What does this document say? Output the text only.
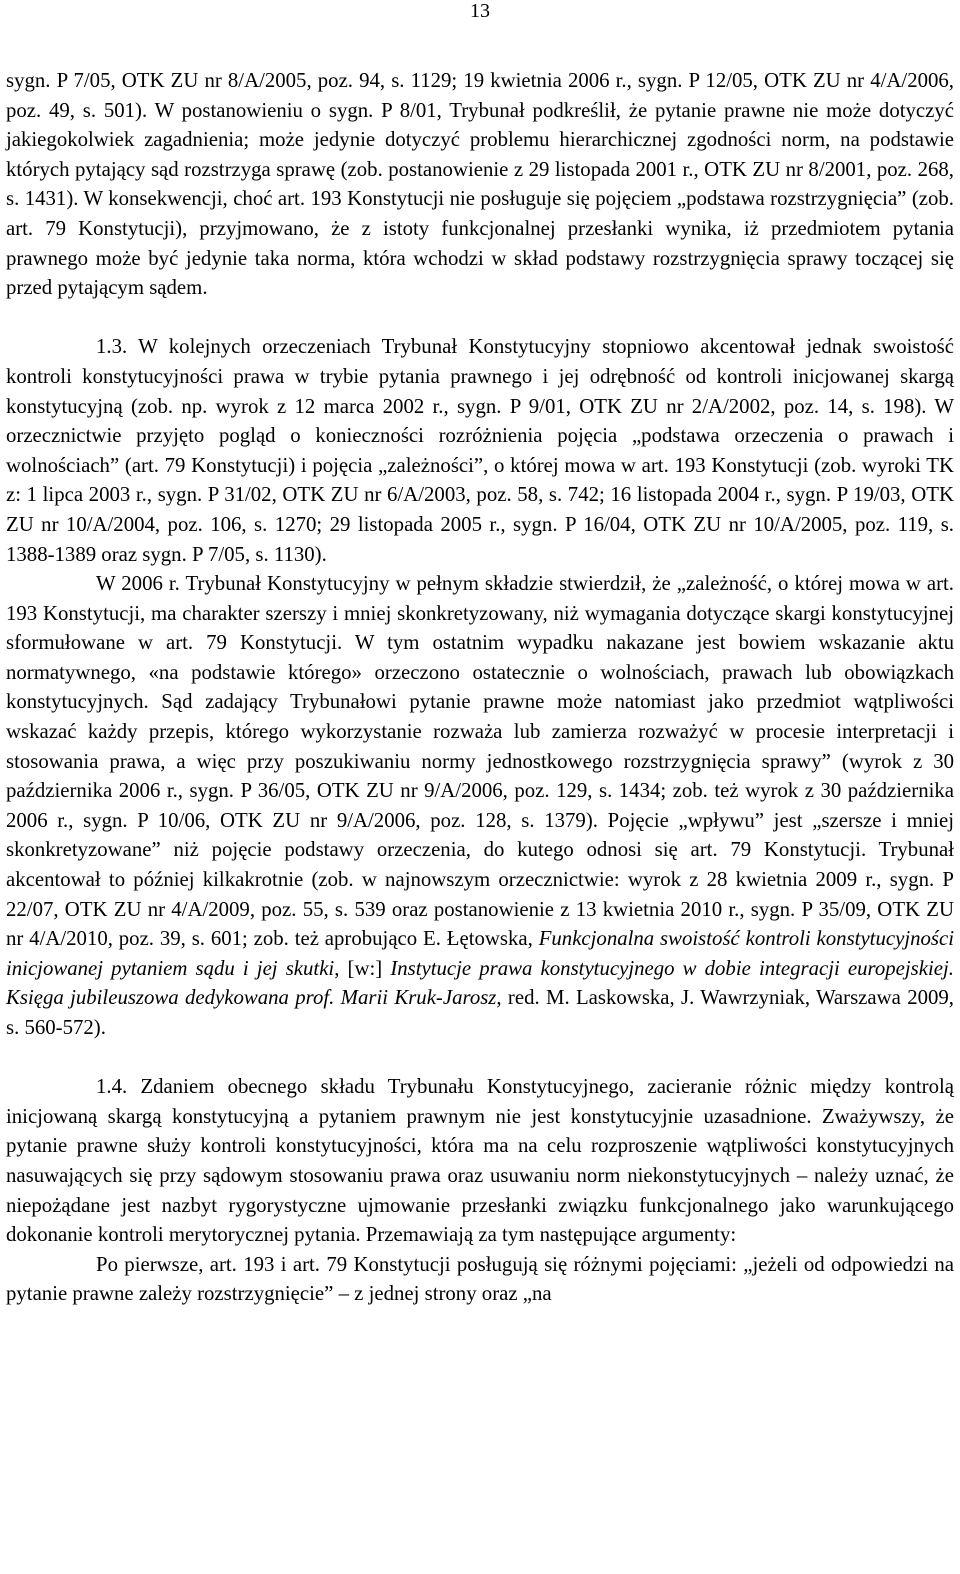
13

sygn. P 7/05, OTK ZU nr 8/A/2005, poz. 94, s. 1129; 19 kwietnia 2006 r., sygn. P 12/05, OTK ZU nr 4/A/2006, poz. 49, s. 501). W postanowieniu o sygn. P 8/01, Trybunał podkreślił, że pytanie prawne nie może dotyczyć jakiegokolwiek zagadnienia; może jedynie dotyczyć problemu hierarchicznej zgodności norm, na podstawie których pytający sąd rozstrzyga sprawę (zob. postanowienie z 29 listopada 2001 r., OTK ZU nr 8/2001, poz. 268, s. 1431). W konsekwencji, choć art. 193 Konstytucji nie posługuje się pojęciem „podstawa rozstrzygnięcia” (zob. art. 79 Konstytucji), przyjmowano, że z istoty funkcjonalnej przesłanki wynika, iż przedmiotem pytania prawnego może być jedynie taka norma, która wchodzi w skład podstawy rozstrzygnięcia sprawy toczącej się przed pytającym sądem.

1.3. W kolejnych orzeczeniach Trybunał Konstytucyjny stopniowo akcentował jednak swoistość kontroli konstytucyjności prawa w trybie pytania prawnego i jej odrębność od kontroli inicjowanej skargą konstytucyjną (zob. np. wyrok z 12 marca 2002 r., sygn. P 9/01, OTK ZU nr 2/A/2002, poz. 14, s. 198). W orzecznictwie przyjęto pogląd o konieczności rozróżnienia pojęcia „podstawa orzeczenia o prawach i wolnościach” (art. 79 Konstytucji) i pojęcia „zależności”, o której mowa w art. 193 Konstytucji (zob. wyroki TK z: 1 lipca 2003 r., sygn. P 31/02, OTK ZU nr 6/A/2003, poz. 58, s. 742; 16 listopada 2004 r., sygn. P 19/03, OTK ZU nr 10/A/2004, poz. 106, s. 1270; 29 listopada 2005 r., sygn. P 16/04, OTK ZU nr 10/A/2005, poz. 119, s. 1388-1389 oraz sygn. P 7/05, s. 1130).

W 2006 r. Trybunał Konstytucyjny w pełnym składzie stwierdził, że „zależność, o której mowa w art. 193 Konstytucji, ma charakter szerszy i mniej skonkretyzowany, niż wymagania dotyczące skargi konstytucyjnej sformułowane w art. 79 Konstytucji. W tym ostatnim wypadku nakazane jest bowiem wskazanie aktu normatywnego, «na podstawie którego» orzeczono ostatecznie o wolnościach, prawach lub obowiązkach konstytucyjnych. Sąd zadający Trybunałowi pytanie prawne może natomiast jako przedmiot wątpliwości wskazać każdy przepis, którego wykorzystanie rozważa lub zamierza rozważyć w procesie interpretacji i stosowania prawa, a więc przy poszukiwaniu normy jednostkowego rozstrzygnięcia sprawy” (wyrok z 30 października 2006 r., sygn. P 36/05, OTK ZU nr 9/A/2006, poz. 129, s. 1434; zob. też wyrok z 30 października 2006 r., sygn. P 10/06, OTK ZU nr 9/A/2006, poz. 128, s. 1379). Pojęcie „wpływu” jest „szersze i mniej skonkretyzowane” niż pojęcie podstawy orzeczenia, do kutego odnosi się art. 79 Konstytucji. Trybunał akcentował to później kilkakrotnie (zob. w najnowszym orzecznictwie: wyrok z 28 kwietnia 2009 r., sygn. P 22/07, OTK ZU nr 4/A/2009, poz. 55, s. 539 oraz postanowienie z 13 kwietnia 2010 r., sygn. P 35/09, OTK ZU nr 4/A/2010, poz. 39, s. 601; zob. też aprobująco E. Łętowska, Funkcjonalna swoistość kontroli konstytucyjności inicjowanej pytaniem sądu i jej skutki, [w:] Instytucje prawa konstytucyjnego w dobie integracji europejskiej. Księga jubileuszowa dedykowana prof. Marii Kruk-Jarosz, red. M. Laskowska, J. Wawrzyniak, Warszawa 2009, s. 560-572).

1.4. Zdaniem obecnego składu Trybunału Konstytucyjnego, zacieranie różnic między kontrolą inicjowaną skargą konstytucyjną a pytaniem prawnym nie jest konstytucyjnie uzasadnione. Zważywszy, że pytanie prawne służy kontroli konstytucyjności, która ma na celu rozproszenie wątpliwości konstytucyjnych nasuwających się przy sądowym stosowaniu prawa oraz usuwaniu norm niekonstytucyjnych – należy uznać, że niepożądane jest nazbyt rygorystyczne ujmowanie przesłanki związku funkcjonalnego jako warunkującego dokonanie kontroli merytorycznej pytania. Przemawiają za tym następujące argumenty:

Po pierwsze, art. 193 i art. 79 Konstytucji posługują się różnymi pojęciami: „jeżeli od odpowiedzi na pytanie prawne zależy rozstrzygnięcie” – z jednej strony oraz „na
